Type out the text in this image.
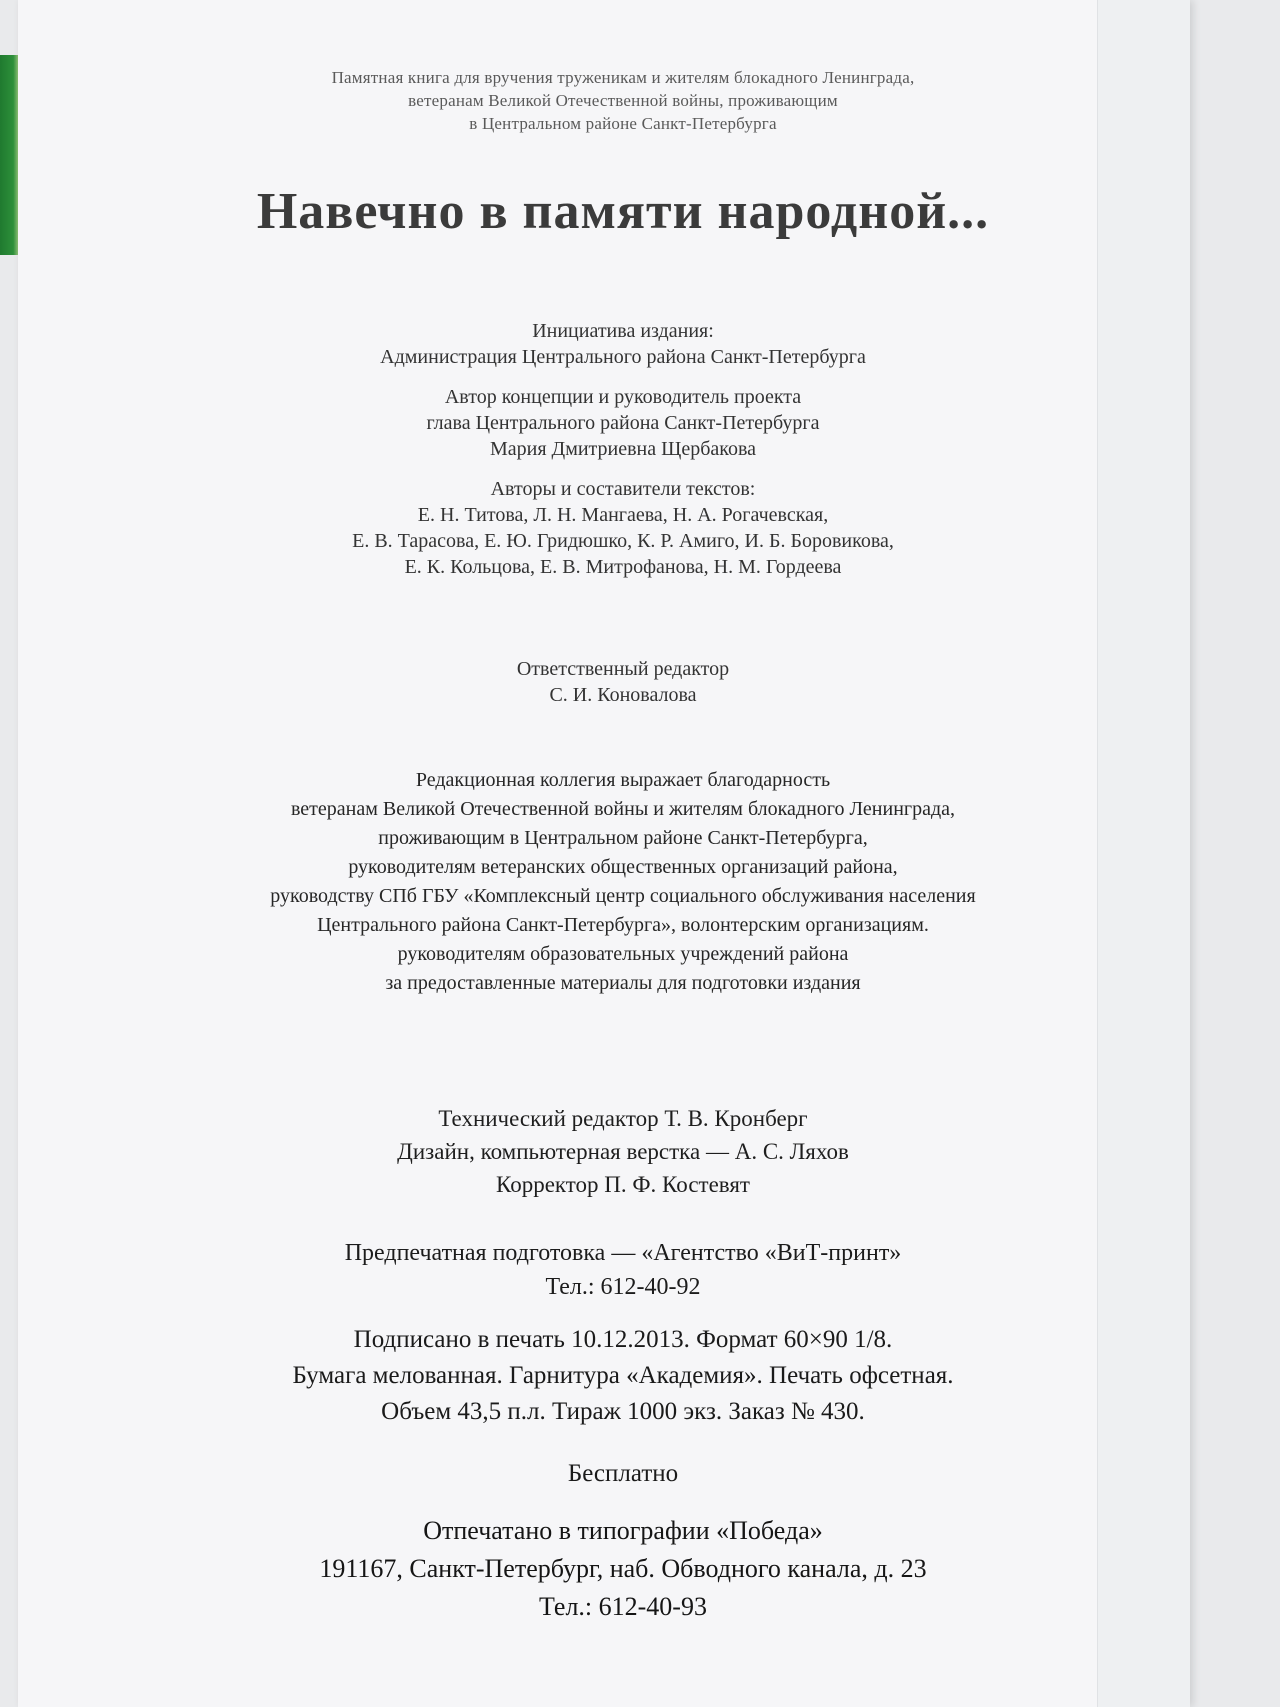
Памятная книга для вручения труженикам и жителям блокадного Ленинграда,
ветеранам Великой Отечественной войны, проживающим
в Центральном районе Санкт-Петербурга
Навечно в памяти народной...
Инициатива издания:
Администрация Центрального района Санкт-Петербурга
Автор концепции и руководитель проекта
глава Центрального района Санкт-Петербурга
Мария Дмитриевна Щербакова
Авторы и составители текстов:
Е. Н. Титова, Л. Н. Мангаева, Н. А. Рогачевская,
Е. В. Тарасова, Е. Ю. Гридюшко, К. Р. Амиго, И. Б. Боровикова,
Е. К. Кольцова, Е. В. Митрофанова, Н. М. Гордеева
Ответственный редактор
С. И. Коновалова
Редакционная коллегия выражает благодарность
ветеранам Великой Отечественной войны и жителям блокадного Ленинграда,
проживающим в Центральном районе Санкт-Петербурга,
руководителям ветеранских общественных организаций района,
руководству СПб ГБУ «Комплексный центр социального обслуживания населения
Центрального района Санкт-Петербурга», волонтерским организациям.
руководителям образовательных учреждений района
за предоставленные материалы для подготовки издания
Технический редактор Т. В. Кронберг
Дизайн, компьютерная верстка — А. С. Ляхов
Корректор П. Ф. Костевят
Предпечатная подготовка — «Агентство «ВиТ-принт»
Тел.: 612-40-92
Подписано в печать 10.12.2013. Формат 60×90 1/8.
Бумага мелованная. Гарнитура «Академия». Печать офсетная.
Объем 43,5 п.л. Тираж 1000 экз. Заказ № 430.
Бесплатно
Отпечатано в типографии «Победа»
191167, Санкт-Петербург, наб. Обводного канала, д. 23
Тел.: 612-40-93
